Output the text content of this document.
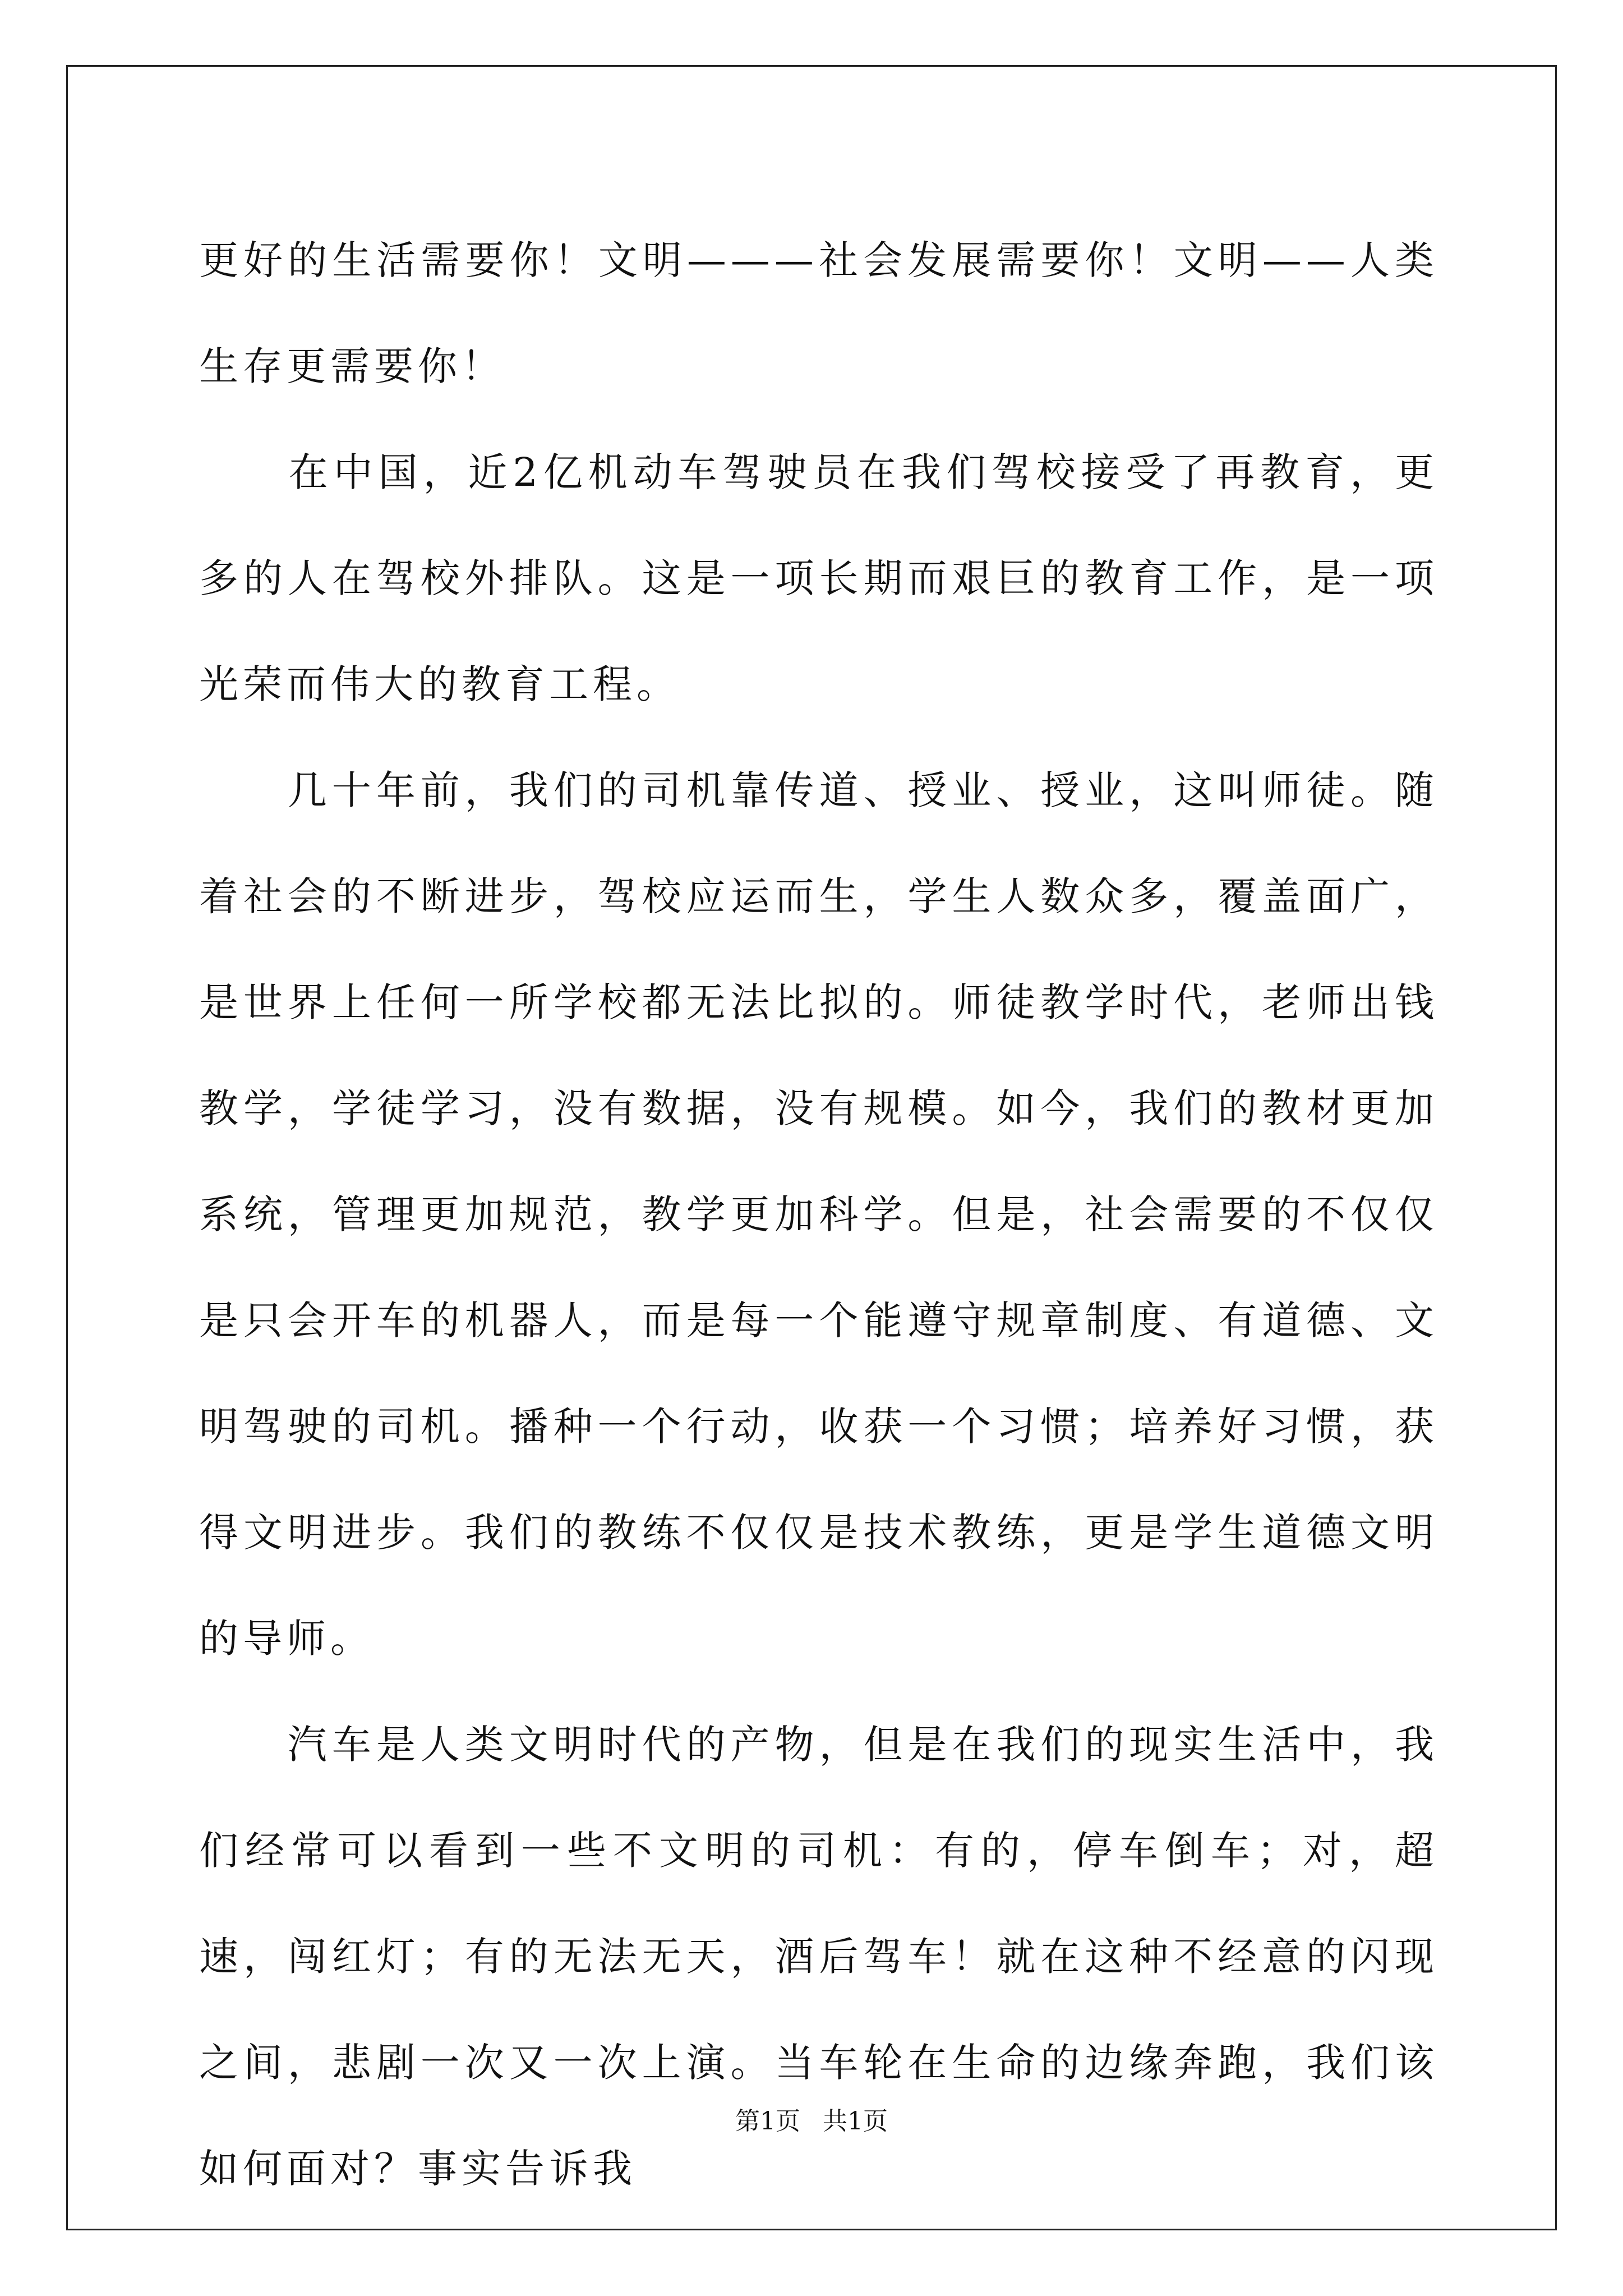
更好的生活需要你！文明———社会发展需要你！文明——人类生存更需要你！

　　在中国，近2亿机动车驾驶员在我们驾校接受了再教育，更多的人在驾校外排队。这是一项长期而艰巨的教育工作，是一项光荣而伟大的教育工程。

　　几十年前，我们的司机靠传道、授业、授业，这叫师徒。随着社会的不断进步，驾校应运而生，学生人数众多，覆盖面广，是世界上任何一所学校都无法比拟的。师徒教学时代，老师出钱教学，学徒学习，没有数据，没有规模。如今，我们的教材更加系统，管理更加规范，教学更加科学。但是，社会需要的不仅仅是只会开车的机器人，而是每一个能遵守规章制度、有道德、文明驾驶的司机。播种一个行动，收获一个习惯；培养好习惯，获得文明进步。我们的教练不仅仅是技术教练，更是学生道德文明的导师。

　　汽车是人类文明时代的产物，但是在我们的现实生活中，我们经常可以看到一些不文明的司机：有的，停车倒车；对，超速，闯红灯；有的无法无天，酒后驾车！就在这种不经意的闪现之间，悲剧一次又一次上演。当车轮在生命的边缘奔跑，我们该如何面对？事实告诉我

第1页 共1页
